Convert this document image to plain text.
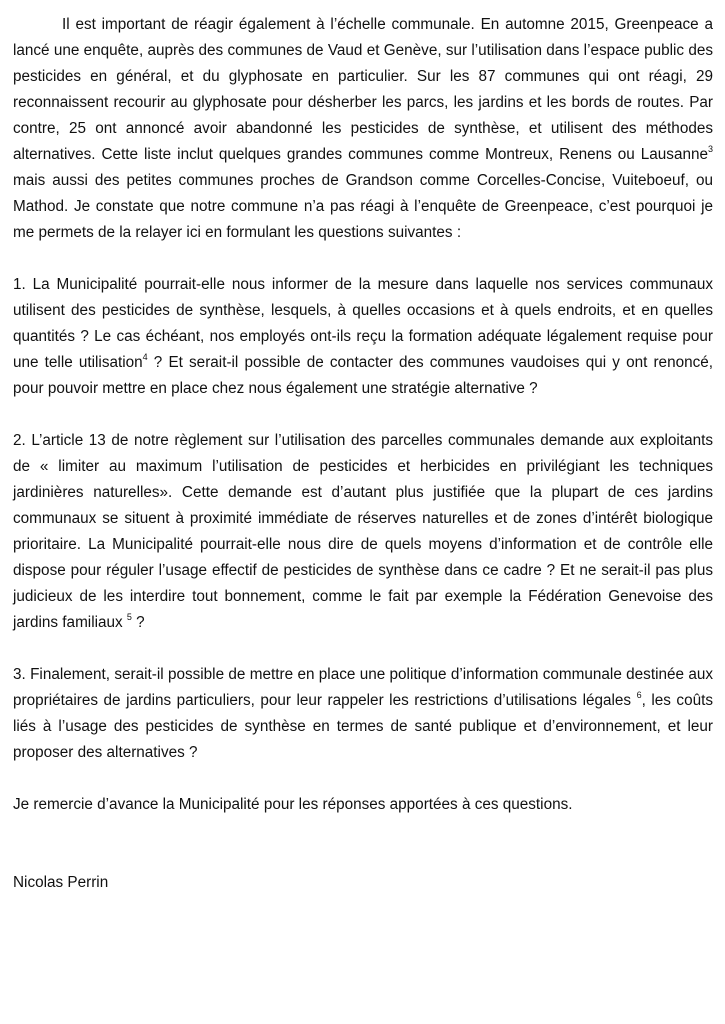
Il est important de réagir également à l’échelle communale. En automne 2015, Greenpeace a lancé une enquête, auprès des communes de Vaud et Genève, sur l’utilisation dans l’espace public des pesticides en général, et du glyphosate en particulier. Sur les 87 communes qui ont réagi, 29 reconnaissent recourir au glyphosate pour désherber les parcs, les jardins et les bords de routes. Par contre, 25 ont annoncé avoir abandonné les pesticides de synthèse, et utilisent des méthodes alternatives. Cette liste inclut quelques grandes communes comme Montreux, Renens ou Lausanne$^3$ mais aussi des petites communes proches de Grandson comme Corcelles-Concise, Vuiteboeuf, ou Mathod. Je constate que notre commune n’a pas réagi à l’enquête de Greenpeace, c’est pourquoi je me permets de la relayer ici en formulant les questions suivantes :

1. La Municipalité pourrait-elle nous informer de la mesure dans laquelle nos services communaux utilisent des pesticides de synthèse, lesquels, à quelles occasions et à quels endroits, et en quelles quantités ? Le cas échéant, nos employés ont-ils reçu la formation adéquate légalement requise pour une telle utilisation$^4$ ? Et serait-il possible de contacter des communes vaudoises qui y ont renoncé, pour pouvoir mettre en place chez nous également une stratégie alternative ?

2. L’article 13 de notre règlement sur l’utilisation des parcelles communales demande aux exploitants de « limiter au maximum l’utilisation de pesticides et herbicides en privilégiant les techniques jardinières naturelles». Cette demande est d’autant plus justifiée que la plupart de ces jardins communaux se situent à proximité immédiate de réserves naturelles et de zones d’intérêt biologique prioritaire. La Municipalité pourrait-elle nous dire de quels moyens d’information et de contrôle elle dispose pour réguler l’usage effectif de pesticides de synthèse dans ce cadre ? Et ne serait-il pas plus judicieux de les interdire tout bonnement, comme le fait par exemple la Fédération Genevoise des jardins familiaux $^5$ ?

3. Finalement, serait-il possible de mettre en place une politique d’information communale destinée aux propriétaires de jardins particuliers, pour leur rappeler les restrictions d’utilisations légales $^6$, les coûts liés à l’usage des pesticides de synthèse en termes de santé publique et d’environnement, et leur proposer des alternatives ?

Je remercie d’avance la Municipalité pour les réponses apportées à ces questions.

Nicolas Perrin
